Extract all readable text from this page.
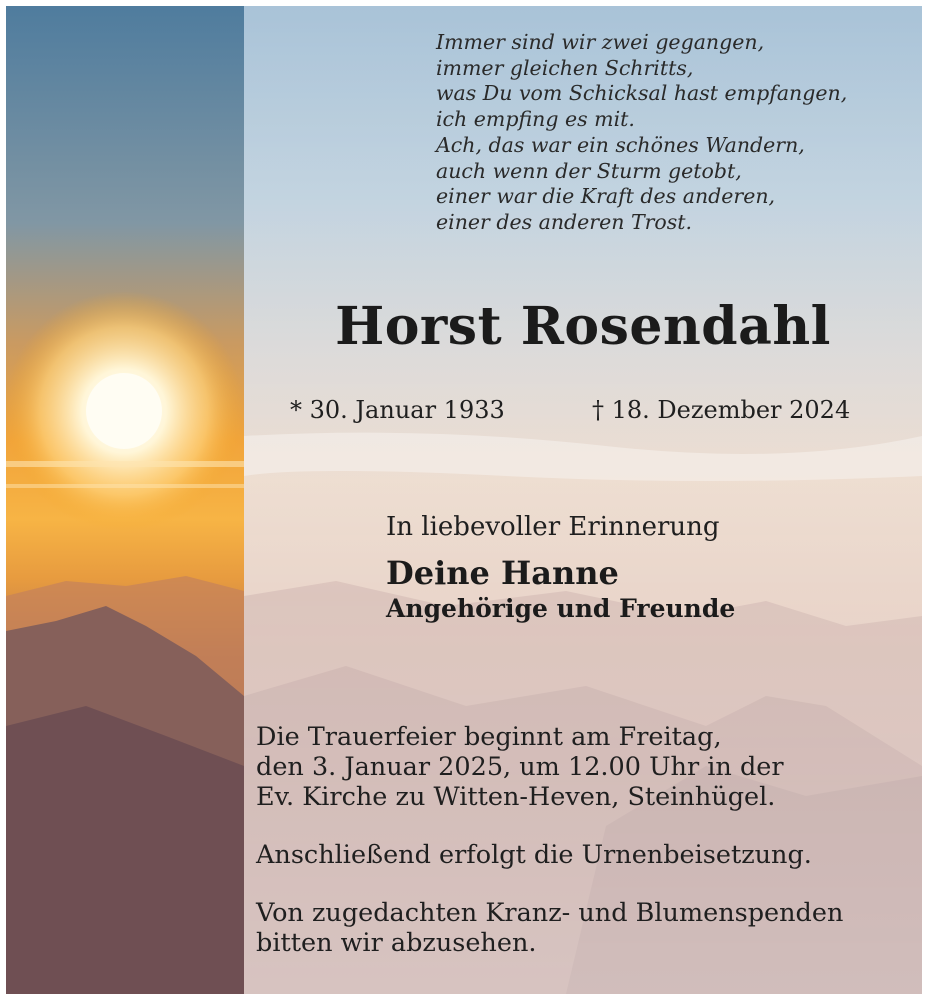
Immer sind wir zwei gegangen,
immer gleichen Schritts,
was Du vom Schicksal hast empfangen,
ich empfing es mit.
Ach, das war ein schönes Wandern,
auch wenn der Sturm getobt,
einer war die Kraft des anderen,
einer des anderen Trost.
Horst Rosendahl
* 30. Januar 1933	† 18. Dezember 2024
In liebevoller Erinnerung
Deine Hanne
Angehörige und Freunde
Die Trauerfeier beginnt am Freitag,
den 3. Januar 2025, um 12.00 Uhr in der
Ev. Kirche zu Witten-Heven, Steinhügel.
Anschließend erfolgt die Urnenbeisetzung.
Von zugedachten Kranz- und Blumenspenden
bitten wir abzusehen.
